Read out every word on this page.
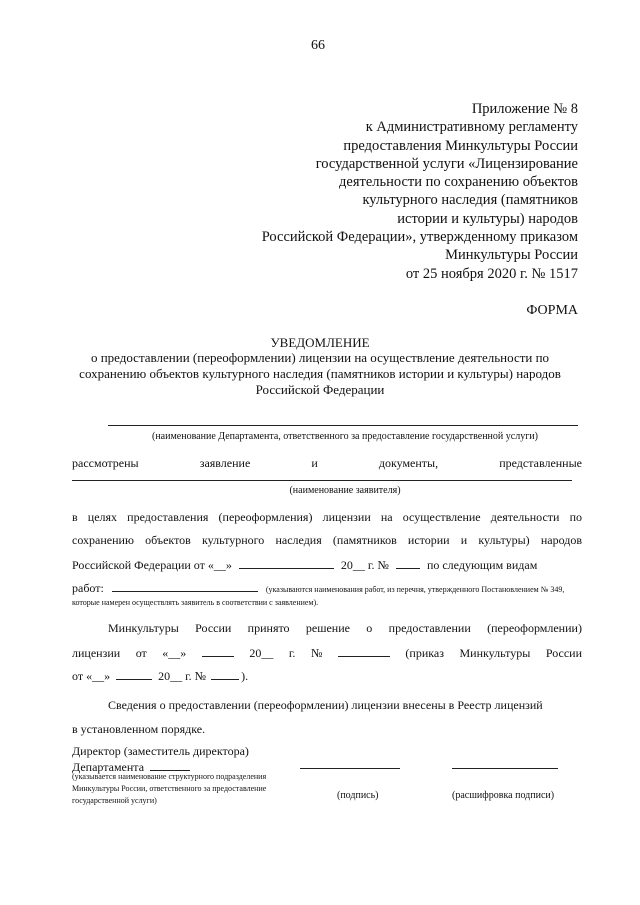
66
Приложение № 8
к Административному регламенту
предоставления Минкультуры России
государственной услуги «Лицензирование
деятельности по сохранению объектов
культурного наследия (памятников
истории и культуры) народов
Российской Федерации», утвержденному приказом
Минкультуры России
от 25 ноября 2020 г. № 1517
ФОРМА
УВЕДОМЛЕНИЕ
о предоставлении (переоформлении) лицензии на осуществление деятельности по
сохранению объектов культурного наследия (памятников истории и культуры) народов
Российской Федерации
(наименование Департамента, ответственного за предоставление государственной услуги)
рассмотрены	заявление	и	документы,	представленные
(наименование заявителя)
в целях предоставления (переоформления) лицензии на осуществление деятельности по
сохранению объектов культурного наследия (памятников истории и культуры) народов
Российской Федерации от «__»	20__ г. №	по следующим видам
работ:	(указываются наименования работ, из перечня, утвержденного Постановлением № 349,
которые намерен осуществлять заявитель в соответствии с заявлением).
Минкультуры России принято решение о предоставлении (переоформлении)
лицензии от «__»	20__ г. №	(приказ Минкультуры России
от «__»	20__ г. №	).
Сведения о предоставлении (переоформлении) лицензии внесены в Реестр лицензий
в установленном порядке.
Директор (заместитель директора)
Департамента
(указывается наименование структурного подразделения
Минкультуры России, ответственного за предоставление
государственной услуги)	(подпись)	(расшифровка подписи)
